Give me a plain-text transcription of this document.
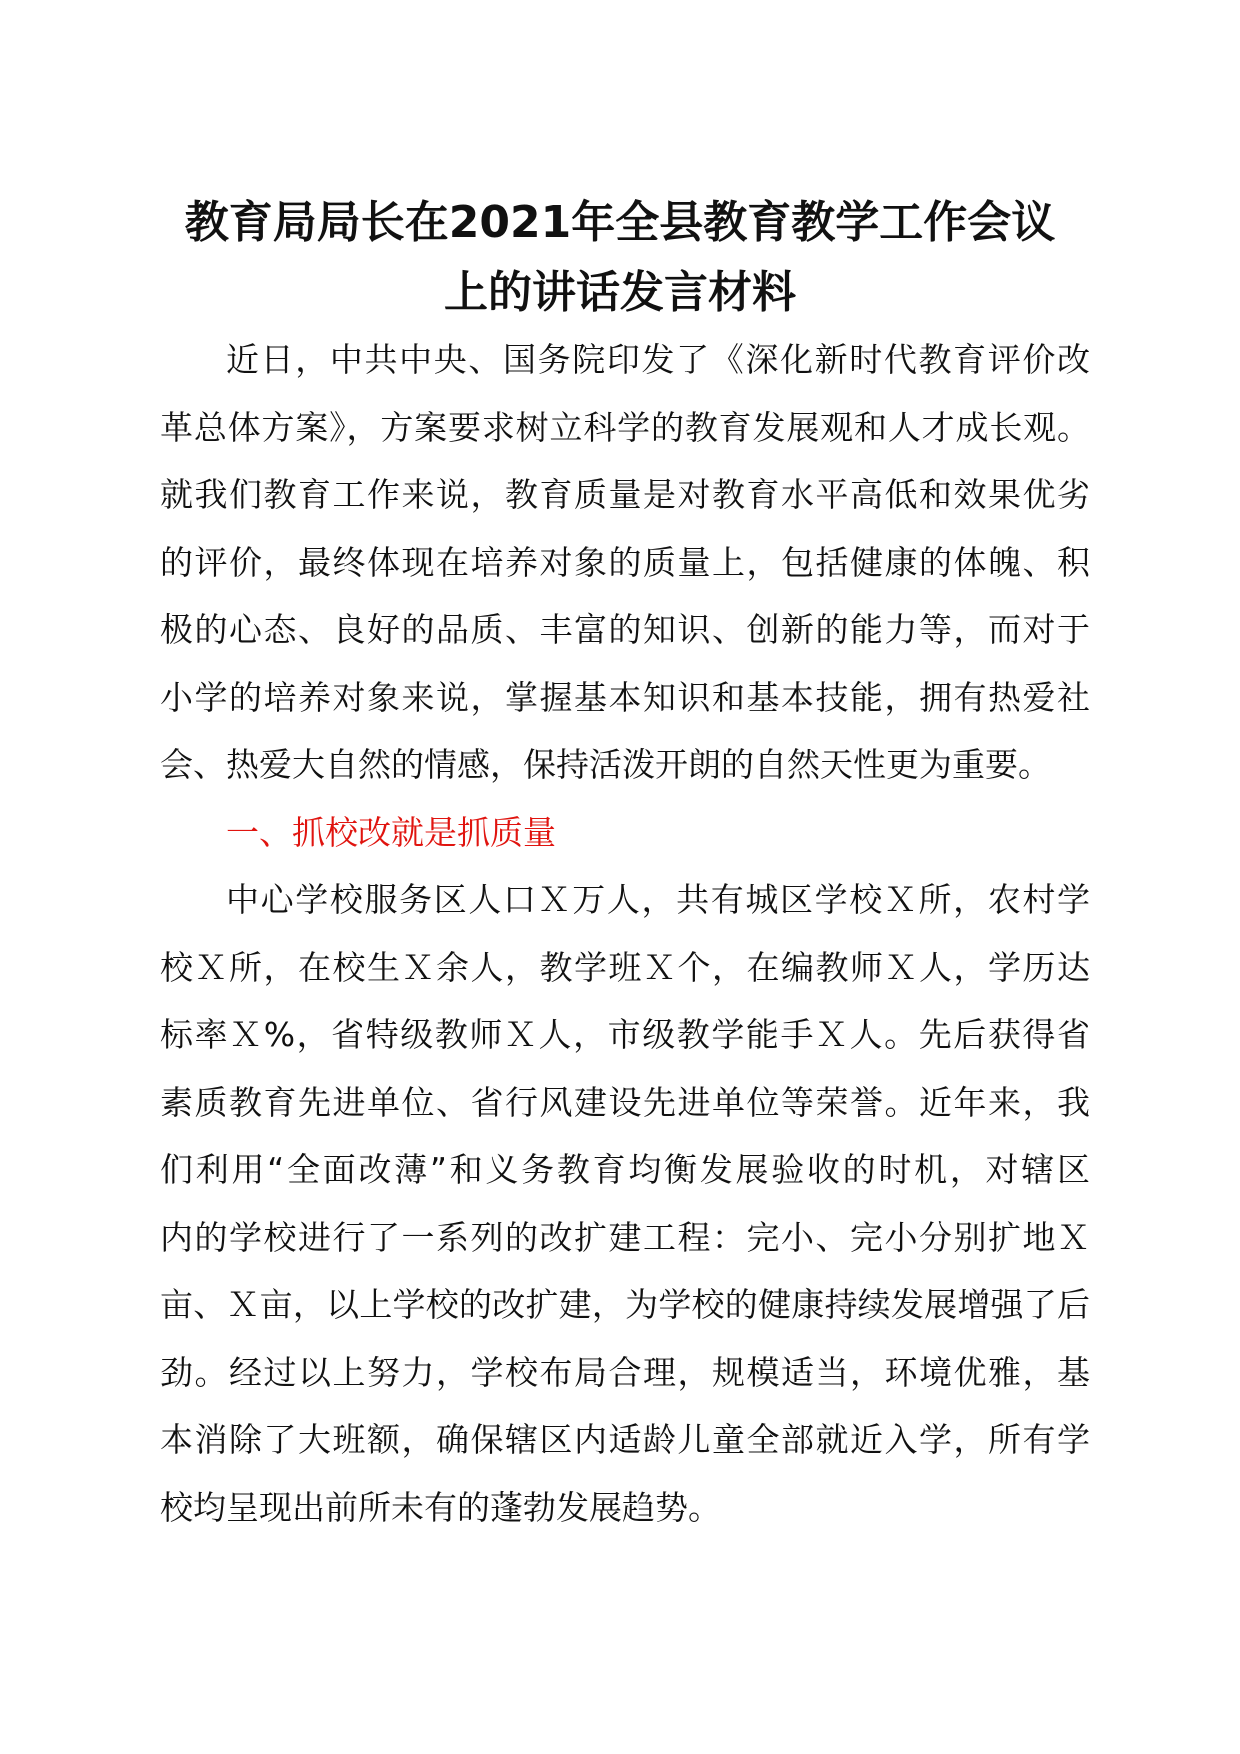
教育局局长在2021年全县教育教学工作会议
上的讲话发言材料
近日，中共中央、国务院印发了《深化新时代教育评价改
革总体方案》，方案要求树立科学的教育发展观和人才成长观。
就我们教育工作来说，教育质量是对教育水平高低和效果优劣
的评价，最终体现在培养对象的质量上，包括健康的体魄、积
极的心态、良好的品质、丰富的知识、创新的能力等，而对于
小学的培养对象来说，掌握基本知识和基本技能，拥有热爱社
会、热爱大自然的情感，保持活泼开朗的自然天性更为重要。
一、抓校改就是抓质量
中心学校服务区人口Ｘ万人，共有城区学校Ｘ所，农村学
校Ｘ所，在校生Ｘ余人，教学班Ｘ个，在编教师Ｘ人，学历达
标率Ｘ%，省特级教师Ｘ人，市级教学能手Ｘ人。先后获得省
素质教育先进单位、省行风建设先进单位等荣誉。近年来，我
们利用“全面改薄”和义务教育均衡发展验收的时机，对辖区
内的学校进行了一系列的改扩建工程：完小、完小分别扩地Ｘ
亩、Ｘ亩，以上学校的改扩建，为学校的健康持续发展增强了后
劲。经过以上努力，学校布局合理，规模适当，环境优雅，基
本消除了大班额，确保辖区内适龄儿童全部就近入学，所有学
校均呈现出前所未有的蓬勃发展趋势。
